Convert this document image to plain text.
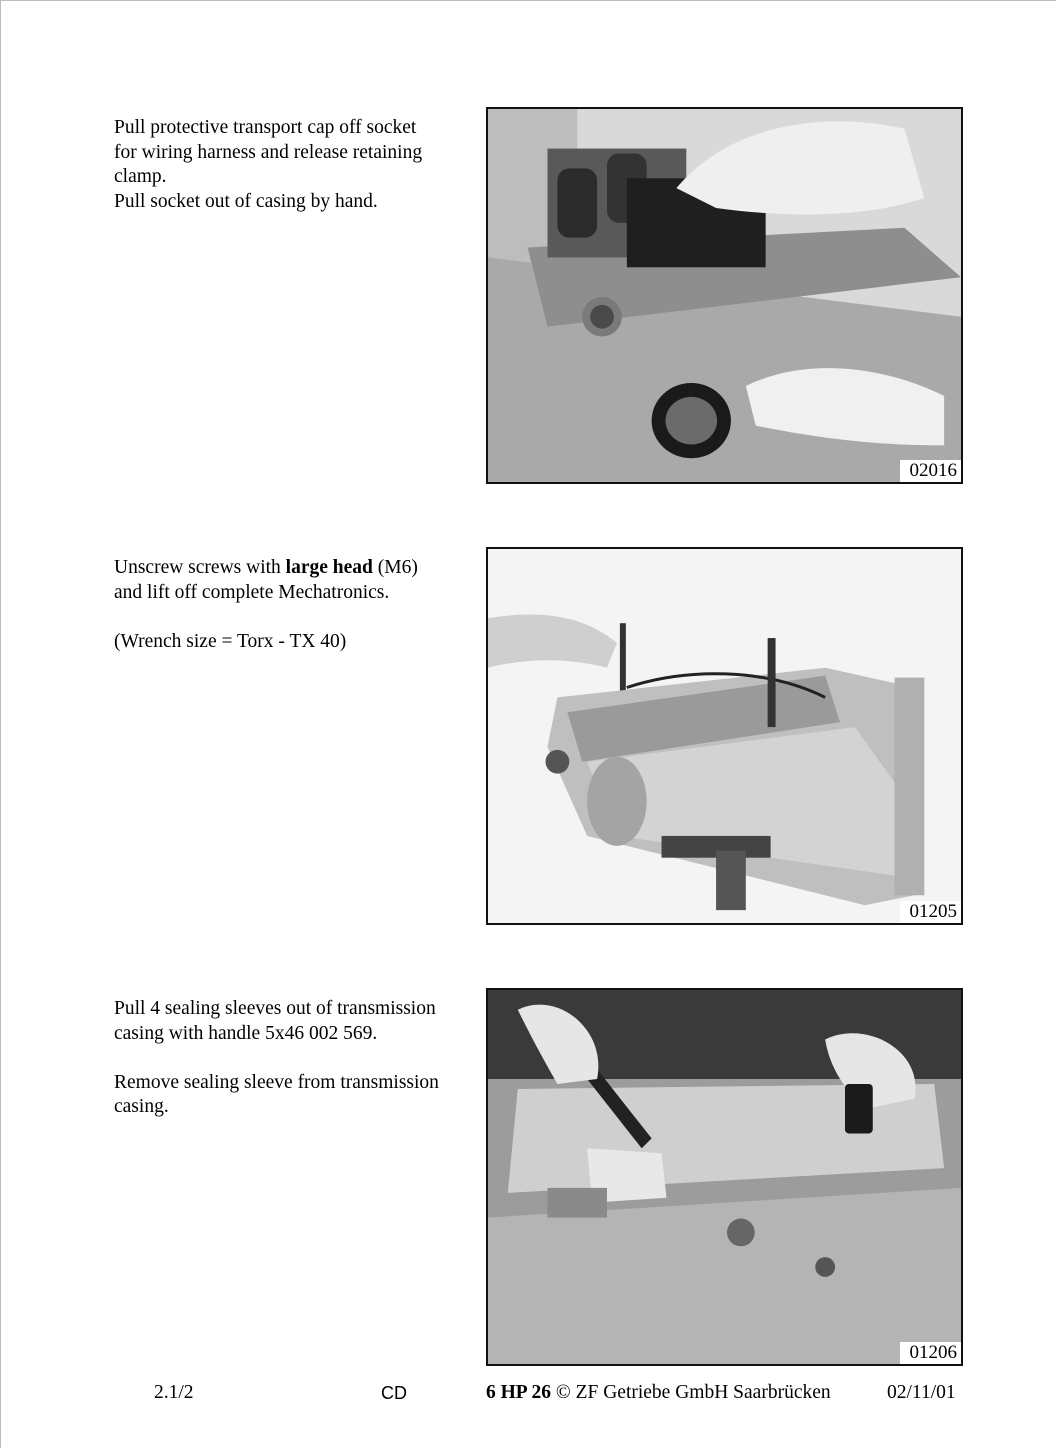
Pull protective transport cap off socket

for wiring harness and release retaining

clamp.

Pull socket out of casing by hand.

02016

Unscrew screws with large head (M6)

and lift off complete Mechatronics.

(Wrench size = Torx - TX 40)

01205

Pull 4 sealing sleeves out of transmission

casing with handle 5x46 002 569.

Remove sealing sleeve from transmission

casing.

01206
2.1/2	CD	6 HP 26 © ZF Getriebe GmbH Saarbrücken	02/11/01
